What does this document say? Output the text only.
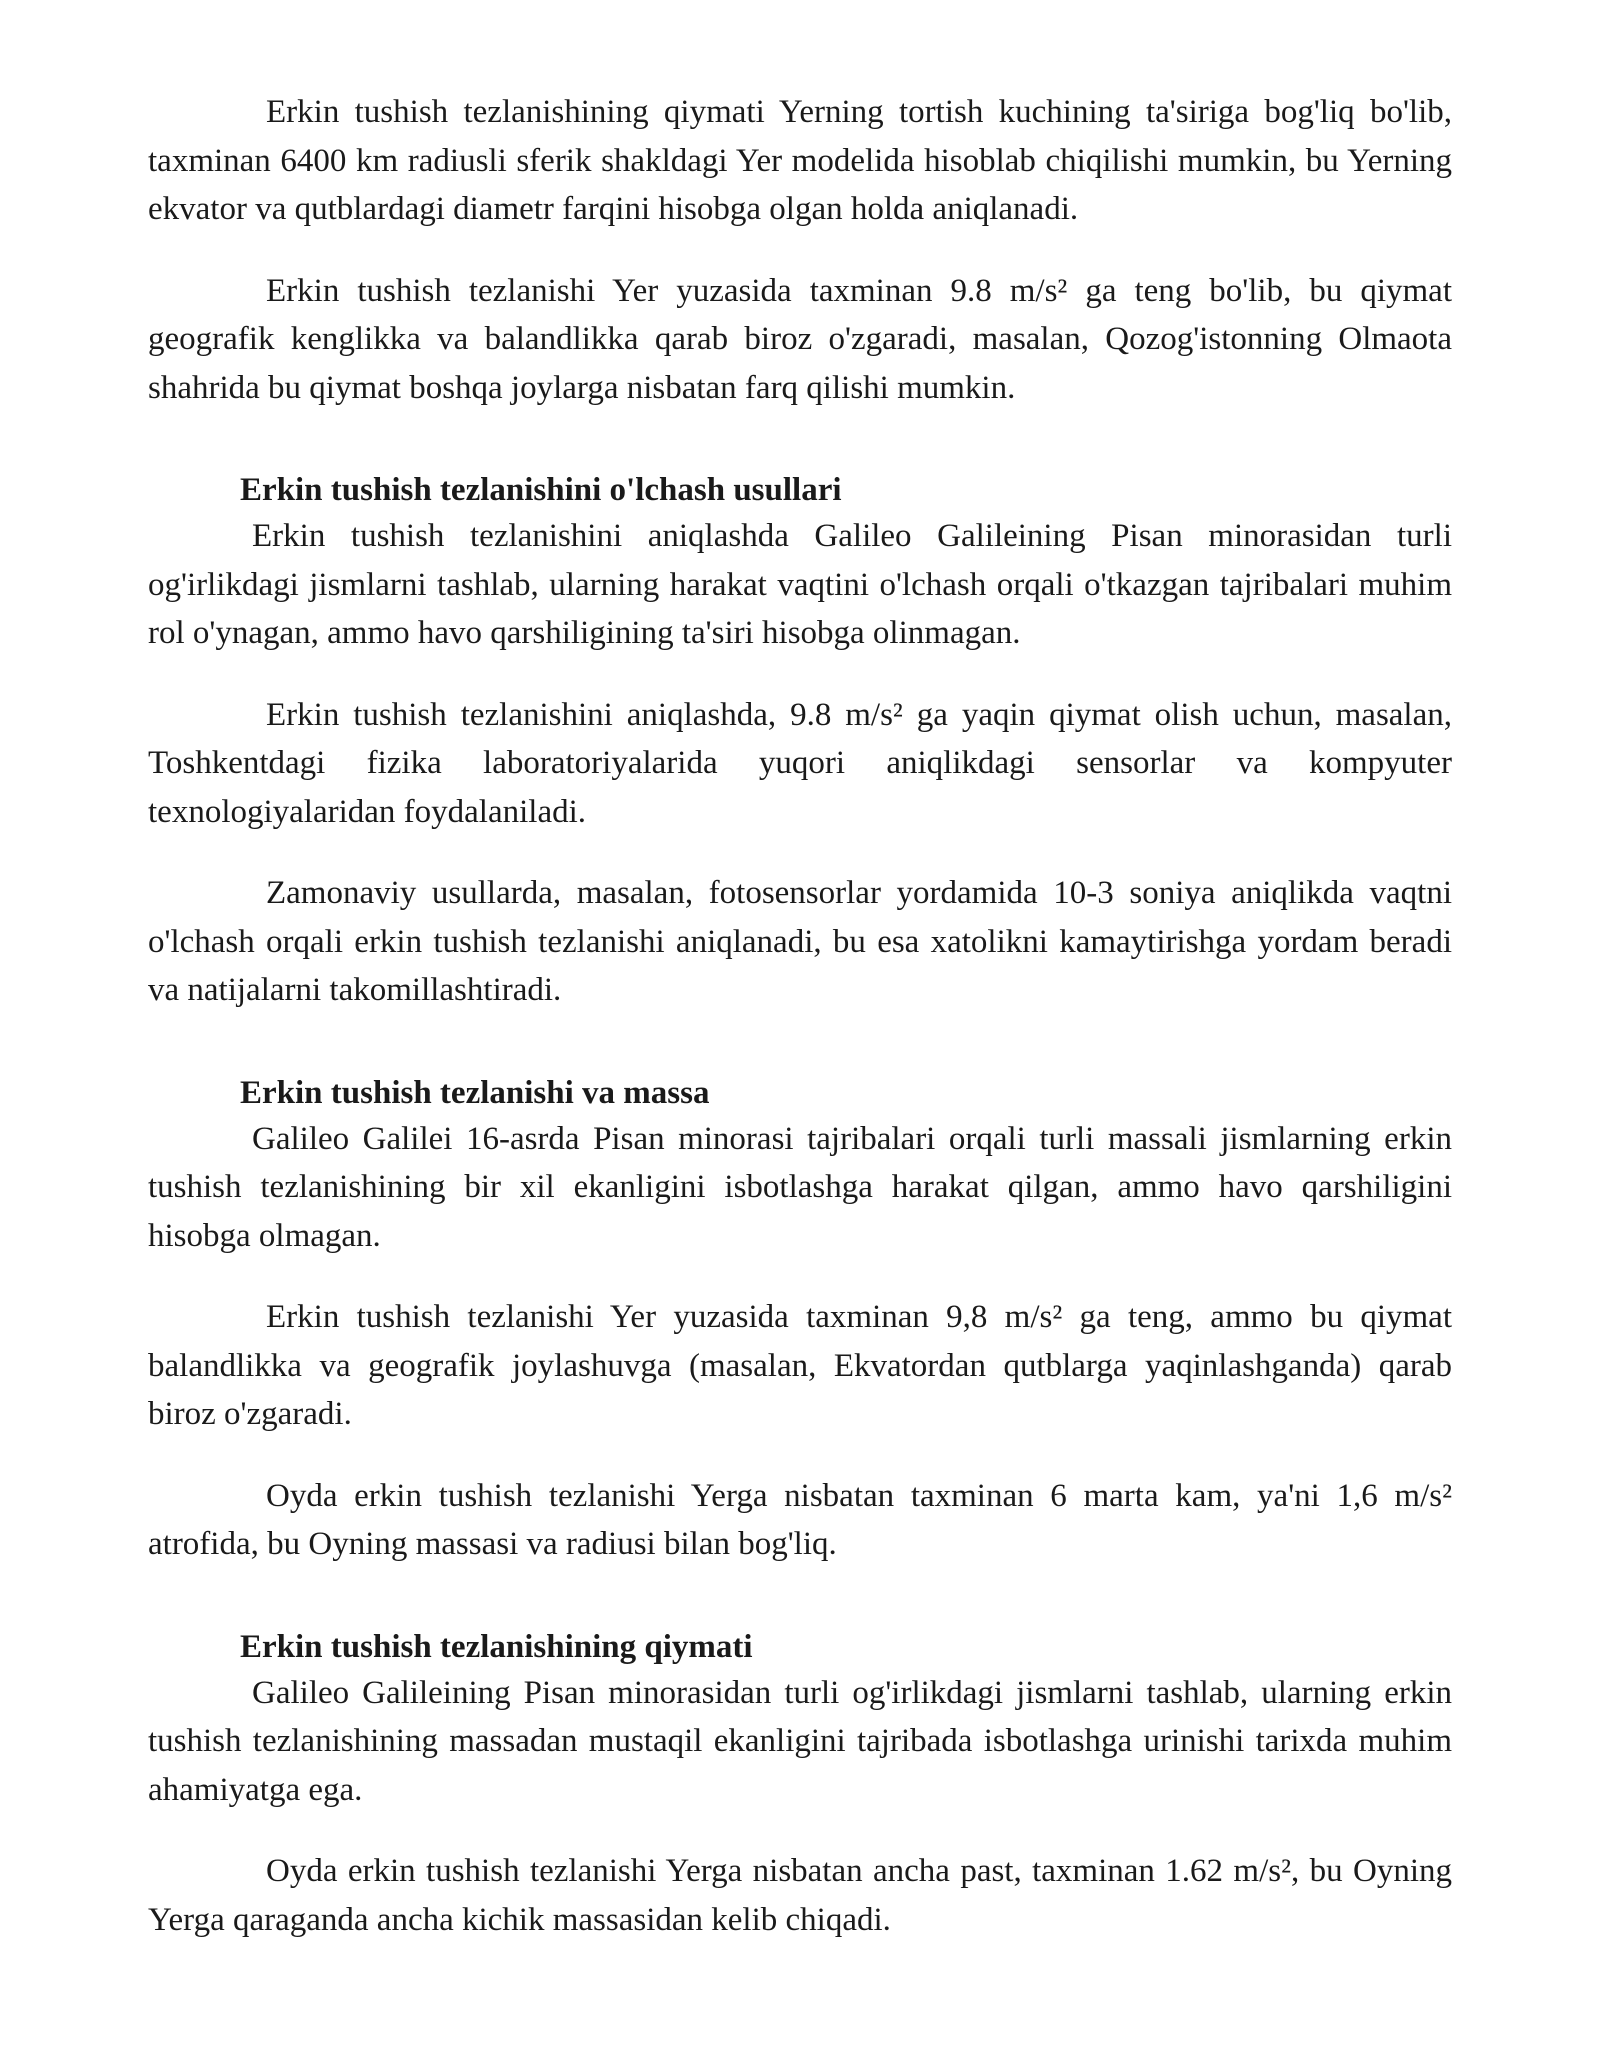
Erkin tushish tezlanishining qiymati Yerning tortish kuchining ta'siriga bog'liq bo'lib, taxminan 6400 km radiusli sferik shakldagi Yer modelida hisoblab chiqilishi mumkin, bu Yerning ekvator va qutblardagi diametr farqini hisobga olgan holda aniqlanadi.

Erkin tushish tezlanishi Yer yuzasida taxminan 9.8 m/s² ga teng bo'lib, bu qiymat geografik kenglikka va balandlikka qarab biroz o'zgaradi, masalan, Qozog'istonning Olmaota shahrida bu qiymat boshqa joylarga nisbatan farq qilishi mumkin.

Erkin tushish tezlanishini o'lchash usullari

Erkin tushish tezlanishini aniqlashda Galileo Galileining Pisan minorasidan turli og'irlikdagi jismlarni tashlab, ularning harakat vaqtini o'lchash orqali o'tkazgan tajribalari muhim rol o'ynagan, ammo havo qarshiligining ta'siri hisobga olinmagan.

Erkin tushish tezlanishini aniqlashda, 9.8 m/s² ga yaqin qiymat olish uchun, masalan, Toshkentdagi fizika laboratoriyalarida yuqori aniqlikdagi sensorlar va kompyuter texnologiyalaridan foydalaniladi.

Zamonaviy usullarda, masalan, fotosensorlar yordamida 10-3 soniya aniqlikda vaqtni o'lchash orqali erkin tushish tezlanishi aniqlanadi, bu esa xatolikni kamaytirishga yordam beradi va natijalarni takomillashtiradi.

Erkin tushish tezlanishi va massa

Galileo Galilei 16-asrda Pisan minorasi tajribalari orqali turli massali jismlarning erkin tushish tezlanishining bir xil ekanligini isbotlashga harakat qilgan, ammo havo qarshiligini hisobga olmagan.

Erkin tushish tezlanishi Yer yuzasida taxminan 9,8 m/s² ga teng, ammo bu qiymat balandlikka va geografik joylashuvga (masalan, Ekvatordan qutblarga yaqinlashganda) qarab biroz o'zgaradi.

Oyda erkin tushish tezlanishi Yerga nisbatan taxminan 6 marta kam, ya'ni 1,6 m/s² atrofida, bu Oyning massasi va radiusi bilan bog'liq.

Erkin tushish tezlanishining qiymati

Galileo Galileining Pisan minorasidan turli og'irlikdagi jismlarni tashlab, ularning erkin tushish tezlanishining massadan mustaqil ekanligini tajribada isbotlashga urinishi tarixda muhim ahamiyatga ega.

Oyda erkin tushish tezlanishi Yerga nisbatan ancha past, taxminan 1.62 m/s², bu Oyning Yerga qaraganda ancha kichik massasidan kelib chiqadi.
